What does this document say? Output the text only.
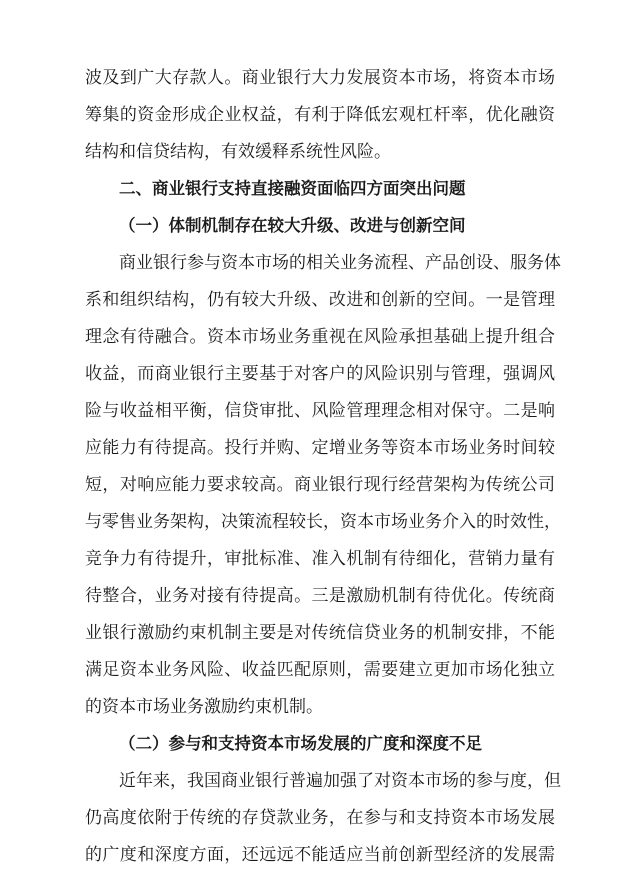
波及到广大存款人。商业银行大力发展资本市场，将资本市场
筹集的资金形成企业权益，有利于降低宏观杠杆率，优化融资
结构和信贷结构，有效缓释系统性风险。
二、商业银行支持直接融资面临四方面突出问题
（一）体制机制存在较大升级、改进与创新空间
商业银行参与资本市场的相关业务流程、产品创设、服务体
系和组织结构，仍有较大升级、改进和创新的空间。一是管理
理念有待融合。资本市场业务重视在风险承担基础上提升组合
收益，而商业银行主要基于对客户的风险识别与管理，强调风
险与收益相平衡，信贷审批、风险管理理念相对保守。二是响
应能力有待提高。投行并购、定增业务等资本市场业务时间较
短，对响应能力要求较高。商业银行现行经营架构为传统公司
与零售业务架构，决策流程较长，资本市场业务介入的时效性，
竞争力有待提升，审批标准、准入机制有待细化，营销力量有
待整合，业务对接有待提高。三是激励机制有待优化。传统商
业银行激励约束机制主要是对传统信贷业务的机制安排，不能
满足资本业务风险、收益匹配原则，需要建立更加市场化独立
的资本市场业务激励约束机制。
（二）参与和支持资本市场发展的广度和深度不足
近年来，我国商业银行普遍加强了对资本市场的参与度，但
仍高度依附于传统的存贷款业务，在参与和支持资本市场发展
的广度和深度方面，还远远不能适应当前创新型经济的发展需
